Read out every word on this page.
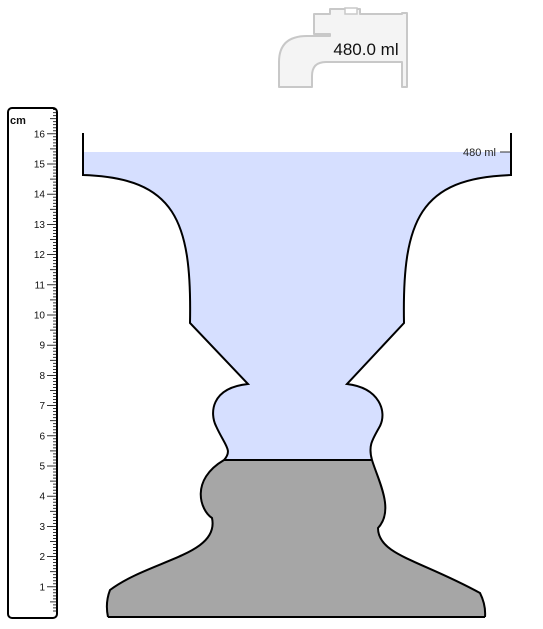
480 ml
cm
1
2
3
4
5
6
7
8
9
10
11
12
13
14
15
16
480.0 ml
